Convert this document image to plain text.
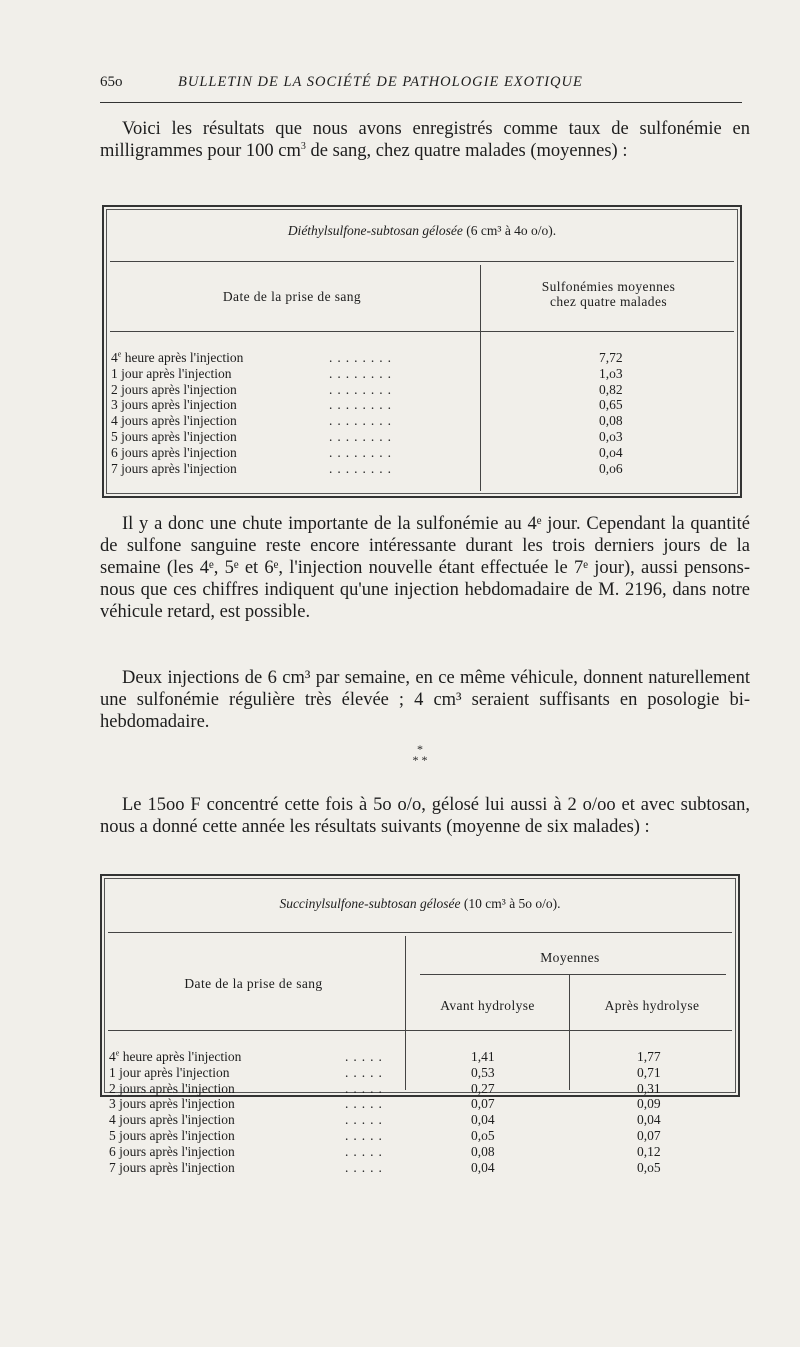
65o	BULLETIN DE LA SOCIÉTÉ DE PATHOLOGIE EXOTIQUE

Voici les résultats que nous avons enregistrés comme taux de sulfonémie en milligrammes pour 100 $cm^3$ de sang, chez quatre malades (moyennes) :

Diéthylsulfone-subtosan gélosée (6 cm³ à 4o o/o).
Date de la prise de sang
Sulfonémies moyennes
chez quatre malades
4e heure après l'injection	........	7,72
1 jour après l'injection	........	1,o3
2 jours après l'injection	........	0,82
3 jours après l'injection	........	0,65
4 jours après l'injection	........	0,08
5 jours après l'injection	........	0,o3
6 jours après l'injection	........	0,o4
7 jours après l'injection	........	0,o6

Il y a donc une chute importante de la sulfonémie au 4ᵉ jour. Cependant la quantité de sulfone sanguine reste encore intéressante durant les trois derniers jours de la semaine (les 4ᵉ, 5ᵉ et 6ᵉ, l'injection nouvelle étant effectuée le 7ᵉ jour), aussi pensons-nous que ces chiffres indiquent qu'une injection hebdomadaire de M. 2196, dans notre véhicule retard, est possible.

Deux injections de 6 cm³ par semaine, en ce même véhicule, donnent naturellement une sulfonémie régulière très élevée ; 4 cm³ seraient suffisants en posologie bi-hebdomadaire.

*
* *

Le 15oo F concentré cette fois à 5o o/o, gélosé lui aussi à 2 o/oo et avec subtosan, nous a donné cette année les résultats suivants (moyenne de six malades) :

Succinylsulfone-subtosan gélosée (10 cm³ à 5o o/o).
Date de la prise de sang
Moyennes
Avant hydrolyse	Après hydrolyse
4e heure après l'injection	.....	1,41	1,77
1 jour après l'injection	.....	0,53	0,71
2 jours après l'injection	.....	0,27	0,31
3 jours après l'injection	.....	0,07	0,09
4 jours après l'injection	.....	0,04	0,04
5 jours après l'injection	.....	0,o5	0,07
6 jours après l'injection	.....	0,08	0,12
7 jours après l'injection	.....	0,04	0,o5
